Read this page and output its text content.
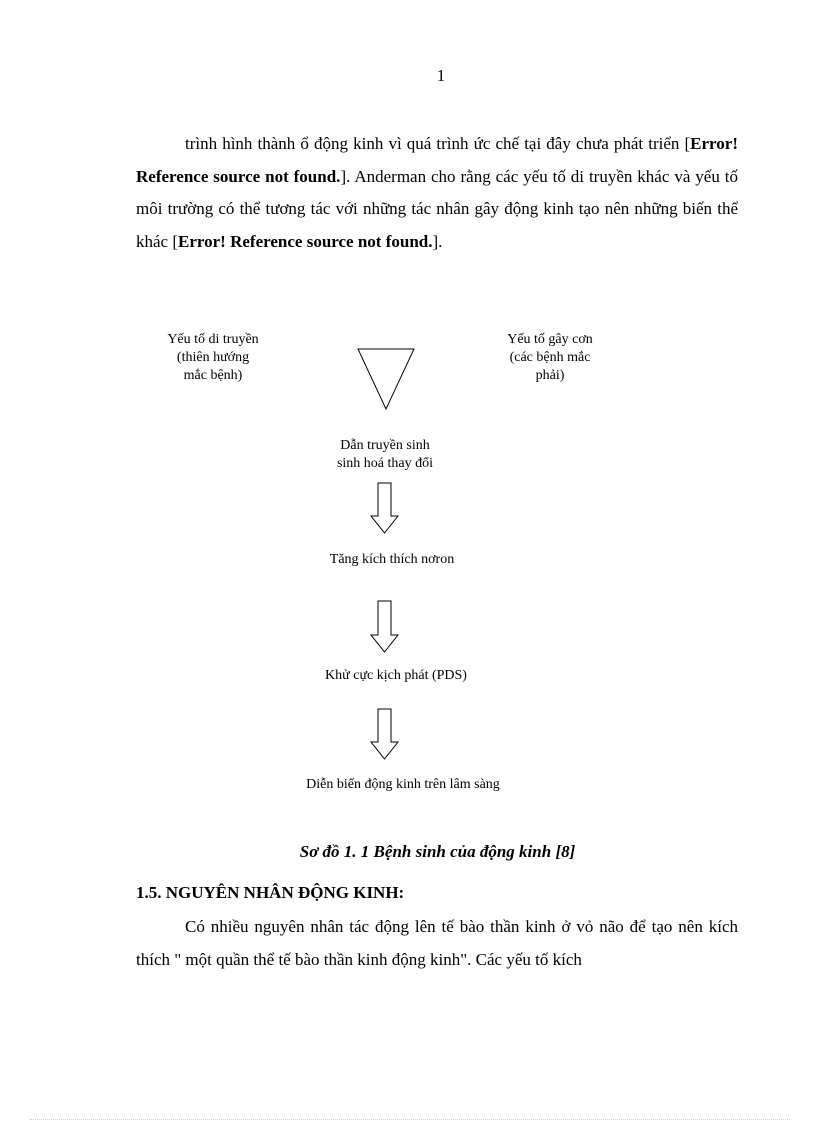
1

trình hình thành ổ động kinh vì quá trình ức chế tại đây chưa phát triển [Error! Reference source not found.]. Anderman cho rằng các yếu tố di truyền khác và yếu tố môi trường có thể tương tác với những tác nhân gây động kinh tạo nên những biến thể khác [Error! Reference source not found.].

Yếu tố di truyền
(thiên hướng
mắc bệnh)
Yếu tố gây cơn
(các bệnh mắc
phải)
Dẫn truyền sinh
sinh hoá thay đổi
Tăng kích thích nơron
Khử cực kịch phát (PDS)
Diễn biến động kinh trên lâm sàng
Sơ đồ 1. 1 Bệnh sinh của động kinh [8]
1.5. NGUYÊN NHÂN ĐỘNG KINH:

Có nhiều nguyên nhân tác động lên tế bào thần kinh ở vỏ não để tạo nên kích thích " một quần thể tế bào thần kinh động kinh". Các yếu tố kích
